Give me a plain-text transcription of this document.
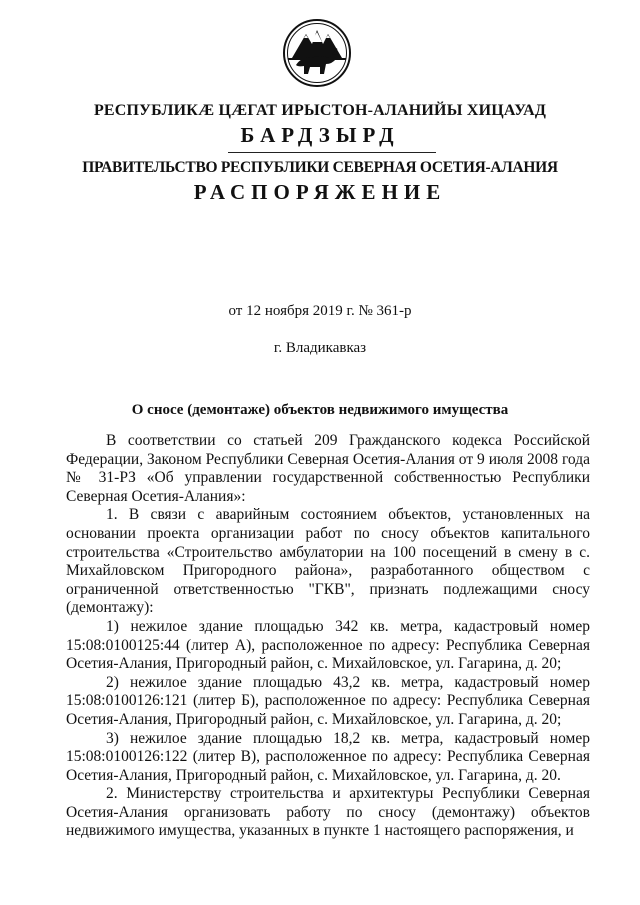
РЕСПУБЛИКӔ ЦӔГАТ ИРЫСТОН-АЛАНИЙЫ ХИЦАУАД
БАРДЗЫРД
ПРАВИТЕЛЬСТВО РЕСПУБЛИКИ СЕВЕРНАЯ ОСЕТИЯ-АЛАНИЯ
РАСПОРЯЖЕНИЕ
от 12 ноября 2019 г. № 361-р
г. Владикавказ
О сносе (демонтаже) объектов недвижимого имущества

В соответствии со статьей 209 Гражданского кодекса Российской Федерации, Законом Республики Северная Осетия-Алания от 9 июля 2008 года № 31-РЗ «Об управлении государственной собственностью Республики Северная Осетия-Алания»:

1. В связи с аварийным состоянием объектов, установленных на основании проекта организации работ по сносу объектов капитального строительства «Строительство амбулатории на 100 посещений в смену в с. Михайловском Пригородного района», разработанного обществом с ограниченной ответственностью "ГКВ", признать подлежащими сносу (демонтажу):

1) нежилое здание площадью 342 кв. метра, кадастровый номер 15:08:0100125:44 (литер А), расположенное по адресу: Республика Северная Осетия-Алания, Пригородный район, с. Михайловское, ул. Гагарина, д. 20;

2) нежилое здание площадью 43,2 кв. метра, кадастровый номер 15:08:0100126:121 (литер Б), расположенное по адресу: Республика Северная Осетия-Алания, Пригородный район, с. Михайловское, ул. Гагарина, д. 20;

3) нежилое здание площадью 18,2 кв. метра, кадастровый номер 15:08:0100126:122 (литер В), расположенное по адресу: Республика Северная Осетия-Алания, Пригородный район, с. Михайловское, ул. Гагарина, д. 20.

2. Министерству строительства и архитектуры Республики Северная Осетия-Алания организовать работу по сносу (демонтажу) объектов недвижимого имущества, указанных в пункте 1 настоящего распоряжения, и
